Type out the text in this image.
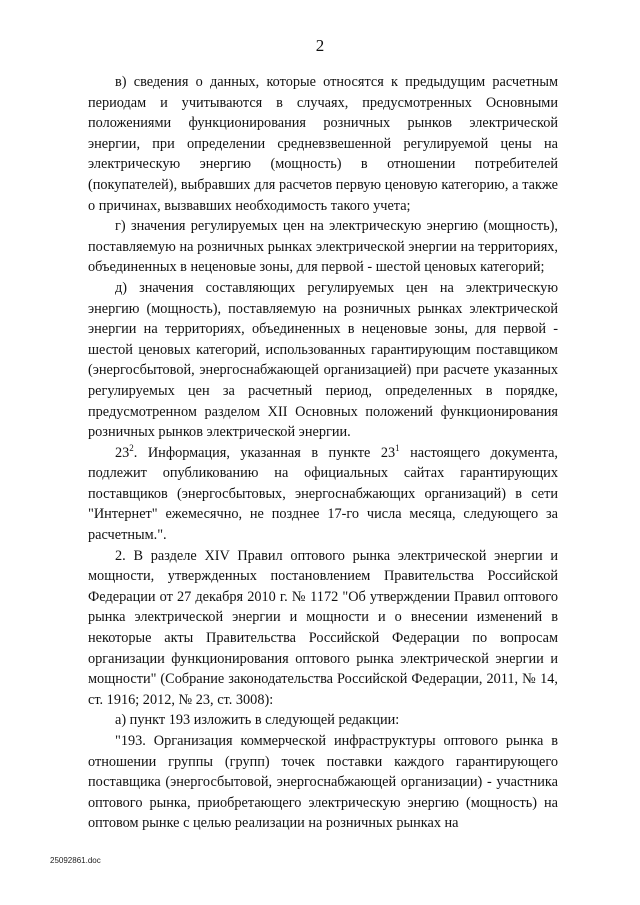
2

в) сведения о данных, которые относятся к предыдущим расчетным периодам и учитываются в случаях, предусмотренных Основными положениями функционирования розничных рынков электрической энергии, при определении средневзвешенной регулируемой цены на электрическую энергию (мощность) в отношении потребителей (покупателей), выбравших для расчетов первую ценовую категорию, а также о причинах, вызвавших необходимость такого учета;

г) значения регулируемых цен на электрическую энергию (мощность), поставляемую на розничных рынках электрической энергии на территориях, объединенных в неценовые зоны, для первой - шестой ценовых категорий;

д) значения составляющих регулируемых цен на электрическую энергию (мощность), поставляемую на розничных рынках электрической энергии на территориях, объединенных в неценовые зоны, для первой - шестой ценовых категорий, использованных гарантирующим поставщиком (энергосбытовой, энергоснабжающей организацией) при расчете указанных регулируемых цен за расчетный период, определенных в порядке, предусмотренном разделом XII Основных положений функционирования розничных рынков электрической энергии.

$23^2$. Информация, указанная в пункте $23^1$ настоящего документа, подлежит опубликованию на официальных сайтах гарантирующих поставщиков (энергосбытовых, энергоснабжающих организаций) в сети "Интернет" ежемесячно, не позднее 17-го числа месяца, следующего за расчетным.".

2. В разделе XIV Правил оптового рынка электрической энергии и мощности, утвержденных постановлением Правительства Российской Федерации от 27 декабря 2010 г. № 1172 "Об утверждении Правил оптового рынка электрической энергии и мощности и о внесении изменений в некоторые акты Правительства Российской Федерации по вопросам организации функционирования оптового рынка электрической энергии и мощности" (Собрание законодательства Российской Федерации, 2011, № 14, ст. 1916; 2012, № 23, ст. 3008):

а) пункт 193 изложить в следующей редакции:

"193. Организация коммерческой инфраструктуры оптового рынка в отношении группы (групп) точек поставки каждого гарантирующего поставщика (энергосбытовой, энергоснабжающей организации) - участника оптового рынка, приобретающего электрическую энергию (мощность) на оптовом рынке с целью реализации на розничных рынках на

25092861.doc
